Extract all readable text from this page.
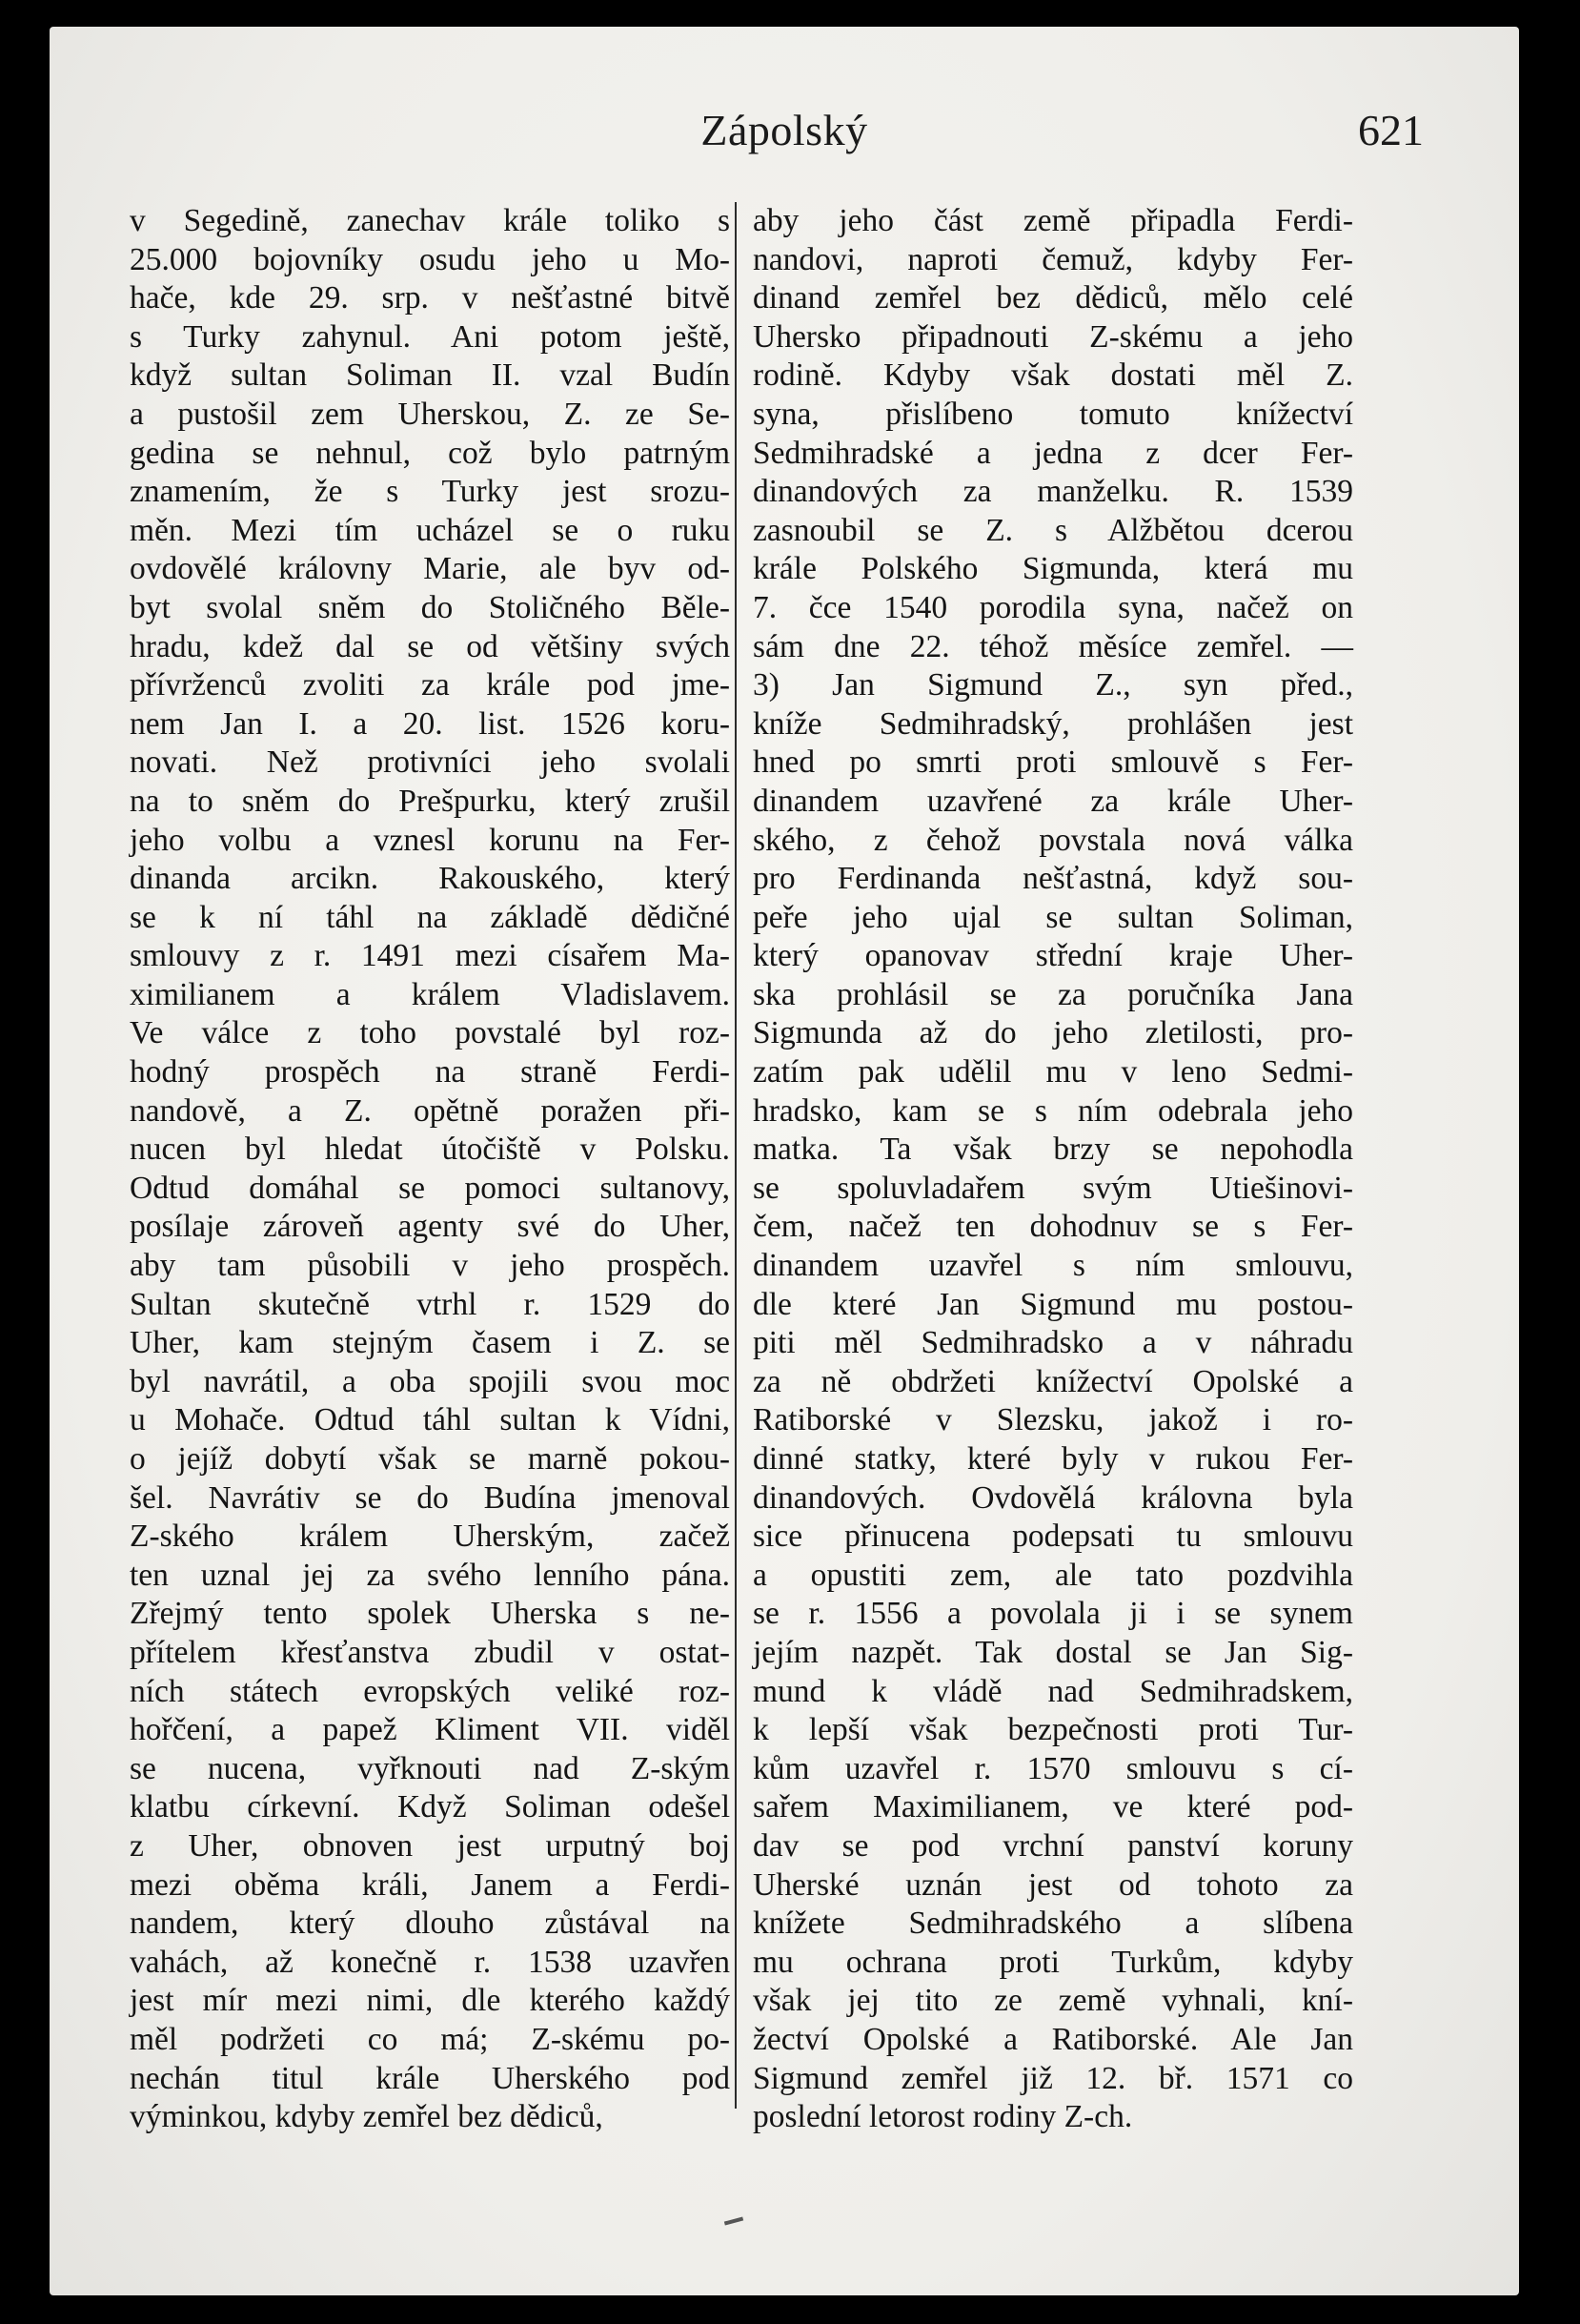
Zápolský	621
v Segedině, zanechav krále toliko s
25.000 bojovníky osudu jeho u Mo-
hače, kde 29. srp. v nešťastné bitvě
s Turky zahynul. Ani potom ještě,
když sultan Soliman II. vzal Budín
a pustošil zem Uherskou, Z. ze Se-
gedina se nehnul, což bylo patrným
znamením, že s Turky jest srozu-
měn. Mezi tím ucházel se o ruku
ovdovělé královny Marie, ale byv od-
byt svolal sněm do Stoličného Běle-
hradu, kdež dal se od většiny svých
přívrženců zvoliti za krále pod jme-
nem Jan I. a 20. list. 1526 koru-
novati. Než protivníci jeho svolali
na to sněm do Prešpurku, který zrušil
jeho volbu a vznesl korunu na Fer-
dinanda arcikn. Rakouského, který
se k ní táhl na základě dědičné
smlouvy z r. 1491 mezi císařem Ma-
ximilianem a králem Vladislavem.
Ve válce z toho povstalé byl roz-
hodný prospěch na straně Ferdi-
nandově, a Z. opětně poražen při-
nucen byl hledat útočiště v Polsku.
Odtud domáhal se pomoci sultanovy,
posílaje zároveň agenty své do Uher,
aby tam působili v jeho prospěch.
Sultan skutečně vtrhl r. 1529 do
Uher, kam stejným časem i Z. se
byl navrátil, a oba spojili svou moc
u Mohače. Odtud táhl sultan k Vídni,
o jejíž dobytí však se marně pokou-
šel. Navrátiv se do Budína jmenoval
Z-ského králem Uherským, začež
ten uznal jej za svého lenního pána.
Zřejmý tento spolek Uherska s ne-
přítelem křesťanstva zbudil v ostat-
ních státech evropských veliké roz-
hořčení, a papež Kliment VII. viděl
se nucena, vyřknouti nad Z-ským
klatbu církevní. Když Soliman odešel
z Uher, obnoven jest urputný boj
mezi oběma králi, Janem a Ferdi-
nandem, který dlouho zůstával na
vahách, až konečně r. 1538 uzavřen
jest mír mezi nimi, dle kterého každý
měl podržeti co má; Z-skému po-
nechán titul krále Uherského pod
výminkou, kdyby zemřel bez dědiců,
aby jeho část země připadla Ferdi-
nandovi, naproti čemuž, kdyby Fer-
dinand zemřel bez dědiců, mělo celé
Uhersko připadnouti Z-skému a jeho
rodině. Kdyby však dostati měl Z.
syna, přislíbeno tomuto knížectví
Sedmihradské a jedna z dcer Fer-
dinandových za manželku. R. 1539
zasnoubil se Z. s Alžbětou dcerou
krále Polského Sigmunda, která mu
7. čce 1540 porodila syna, načež on
sám dne 22. téhož měsíce zemřel. —
3) Jan Sigmund Z., syn před.,
kníže Sedmihradský, prohlášen jest
hned po smrti proti smlouvě s Fer-
dinandem uzavřené za krále Uher-
ského, z čehož povstala nová válka
pro Ferdinanda nešťastná, když sou-
peře jeho ujal se sultan Soliman,
který opanovav střední kraje Uher-
ska prohlásil se za poručníka Jana
Sigmunda až do jeho zletilosti, pro-
zatím pak udělil mu v leno Sedmi-
hradsko, kam se s ním odebrala jeho
matka. Ta však brzy se nepohodla
se spoluvladařem svým Utiešinovi-
čem, načež ten dohodnuv se s Fer-
dinandem uzavřel s ním smlouvu,
dle které Jan Sigmund mu postou-
piti měl Sedmihradsko a v náhradu
za ně obdržeti knížectví Opolské a
Ratiborské v Slezsku, jakož i ro-
dinné statky, které byly v rukou Fer-
dinandových. Ovdovělá královna byla
sice přinucena podepsati tu smlouvu
a opustiti zem, ale tato pozdvihla
se r. 1556 a povolala ji i se synem
jejím nazpět. Tak dostal se Jan Sig-
mund k vládě nad Sedmihradskem,
k lepší však bezpečnosti proti Tur-
kům uzavřel r. 1570 smlouvu s cí-
sařem Maximilianem, ve které pod-
dav se pod vrchní panství koruny
Uherské uznán jest od tohoto za
knížete Sedmihradského a slíbena
mu ochrana proti Turkům, kdyby
však jej tito ze země vyhnali, kní-
žectví Opolské a Ratiborské. Ale Jan
Sigmund zemřel již 12. bř. 1571 co
poslední letorost rodiny Z-ch.
